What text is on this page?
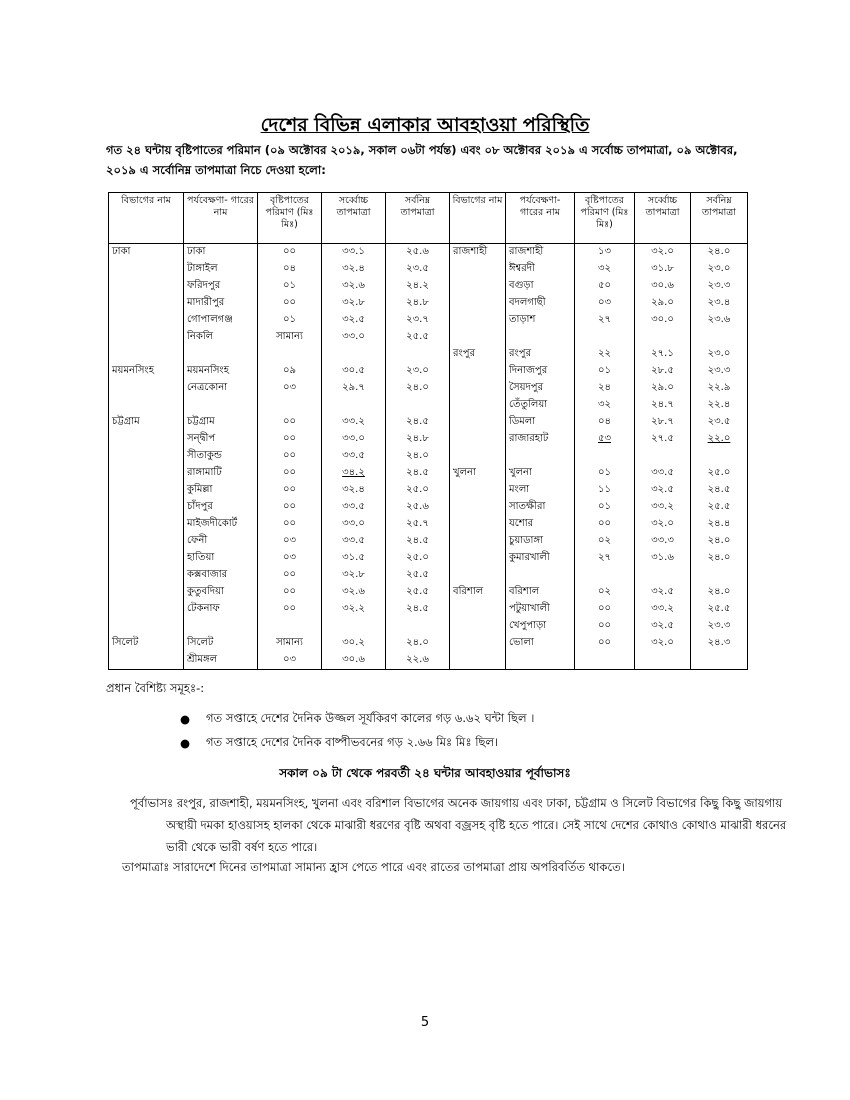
দেশের বিভিন্ন এলাকার আবহাওয়া পরিস্থিতি

গত ২৪ ঘন্টায় বৃষ্টিপাতের পরিমান (০৯ অক্টোবর ২০১৯, সকাল ০৬টা পর্যন্ত) এবং ০৮ অক্টোবর ২০১৯ এ সর্বোচ্চ তাপমাত্রা, ০৯ অক্টোবর, ২০১৯ এ সর্বোনিম্ন তাপমাত্রা নিচে দেওয়া হলো:

বিভাগের নাম	পর্যবেক্ষণা- গারের নাম	বৃষ্টিপাতের পরিমাণ (মিঃ মিঃ)	সর্ব্বোচ্চ তাপমাত্রা	সর্বনিম্ন তাপমাত্রা	বিভাগের নাম	পর্যবেক্ষণা- গারের নাম	বৃষ্টিপাতের পরিমাণ (মিঃ মিঃ)	সর্ব্বোচ্চ তাপমাত্রা	সর্বনিম্ন তাপমাত্রা
ঢাকা	ঢাকা	০০	৩৩.১	২৫.৬	রাজশাহী	রাজশাহী	১৩	৩২.০	২৪.০
	টাঙ্গাইল	০৪	৩২.৪	২৩.৫		ঈশ্বরদী	৩২	৩১.৮	২৩.০
	ফরিদপুর	০১	৩২.৬	২৪.২		বগুড়া	৫০	৩০.৬	২৩.৩
	মাদারীপুর	০০	৩২.৮	২৪.৮		বদলগাছী	০৩	২৯.০	২৩.৪
	গোপালগঞ্জ	০১	৩২.৫	২৩.৭		তাড়াশ	২৭	৩০.০	২৩.৬
	নিকলি	সামান্য	৩৩.০	২৫.৫					
					রংপুর	রংপুর	২২	২৭.১	২৩.০
ময়মনসিংহ	ময়মনসিংহ	০৯	৩০.৫	২৩.০		দিনাজপুর	০১	২৮.৫	২৩.৩
	নেত্রকোনা	০৩	২৯.৭	২৪.০		সৈয়দপুর	২৪	২৯.০	২২.৯
						তেঁতুলিয়া	৩২	২৪.৭	২২.৪
চট্টগ্রাম	চট্টগ্রাম	০০	৩৩.২	২৪.৫		ডিমলা	০৪	২৮.৭	২৩.৫
	সন্দ্বীপ	০০	৩৩.০	২৪.৮		রাজারহাট	৫৩	২৭.৫	২২.০
	সীতাকুন্ড	০০	৩৩.৫	২৪.০					
	রাঙ্গামাটি	০০	৩৪.২	২৪.৫	খুলনা	খুলনা	০১	৩৩.৫	২৫.০
	কুমিল্লা	০০	৩২.৪	২৫.০		মংলা	১১	৩২.৫	২৪.৫
	চাঁদপুর	০০	৩৩.৫	২৫.৬		সাতক্ষীরা	০১	৩৩.২	২৫.৫
	মাইজদীকোর্ট	০০	৩৩.০	২৫.৭		যশোর	০০	৩২.০	২৪.৪
	ফেনী	০৩	৩৩.৫	২৪.৫		চুয়াডাঙ্গা	০২	৩৩.৩	২৪.০
	হাতিয়া	০৩	৩১.৫	২৫.০		কুমারখালী	২৭	৩১.৬	২৪.০
	কক্সবাজার	০০	৩২.৮	২৫.৫					
	কুতুবদিয়া	০০	৩২.৬	২৫.৫	বরিশাল	বরিশাল	০২	৩২.৫	২৪.০
	টেকনাফ	০০	৩২.২	২৪.৫		পটুয়াখালী	০০	৩৩.২	২৫.৫
						খেপুপাড়া	০০	৩২.৫	২৩.৩
সিলেট	সিলেট	সামান্য	৩০.২	২৪.০		ভোলা	০০	৩২.০	২৪.৩
	শ্রীমঙ্গল	০৩	৩০.৬	২২.৬					

প্রধান বৈশিষ্ট্য সমূহঃ-:

● গত সপ্তাহে দেশের দৈনিক উজ্জল সূর্যকিরণ কালের গড় ৬.৬২ ঘন্টা ছিল ।
● গত সপ্তাহে দেশের দৈনিক বাষ্পীভবনের গড় ২.৬৬ মিঃ মিঃ ছিল।

সকাল ০৯ টা থেকে পরবর্তী ২৪ ঘন্টার আবহাওয়ার পূর্বাভাসঃ

পূর্বাভাসঃ রংপুর, রাজশাহী, ময়মনসিংহ, খুলনা এবং বরিশাল বিভাগের অনেক জায়গায় এবং ঢাকা, চট্টগ্রাম ও সিলেট বিভাগের কিছু কিছু জায়গায় অস্থায়ী দমকা হাওয়াসহ হালকা থেকে মাঝারী ধরণের বৃষ্টি অথবা বজ্রসহ বৃষ্টি হতে পারে। সেই সাথে দেশের কোথাও কোথাও মাঝারী ধরনের ভারী থেকে ভারী বর্ষণ হতে পারে।

তাপমাত্রাঃ সারাদেশে দিনের তাপমাত্রা সামান্য হ্রাস পেতে পারে এবং রাতের তাপমাত্রা প্রায় অপরিবর্তিত থাকতে।

5
